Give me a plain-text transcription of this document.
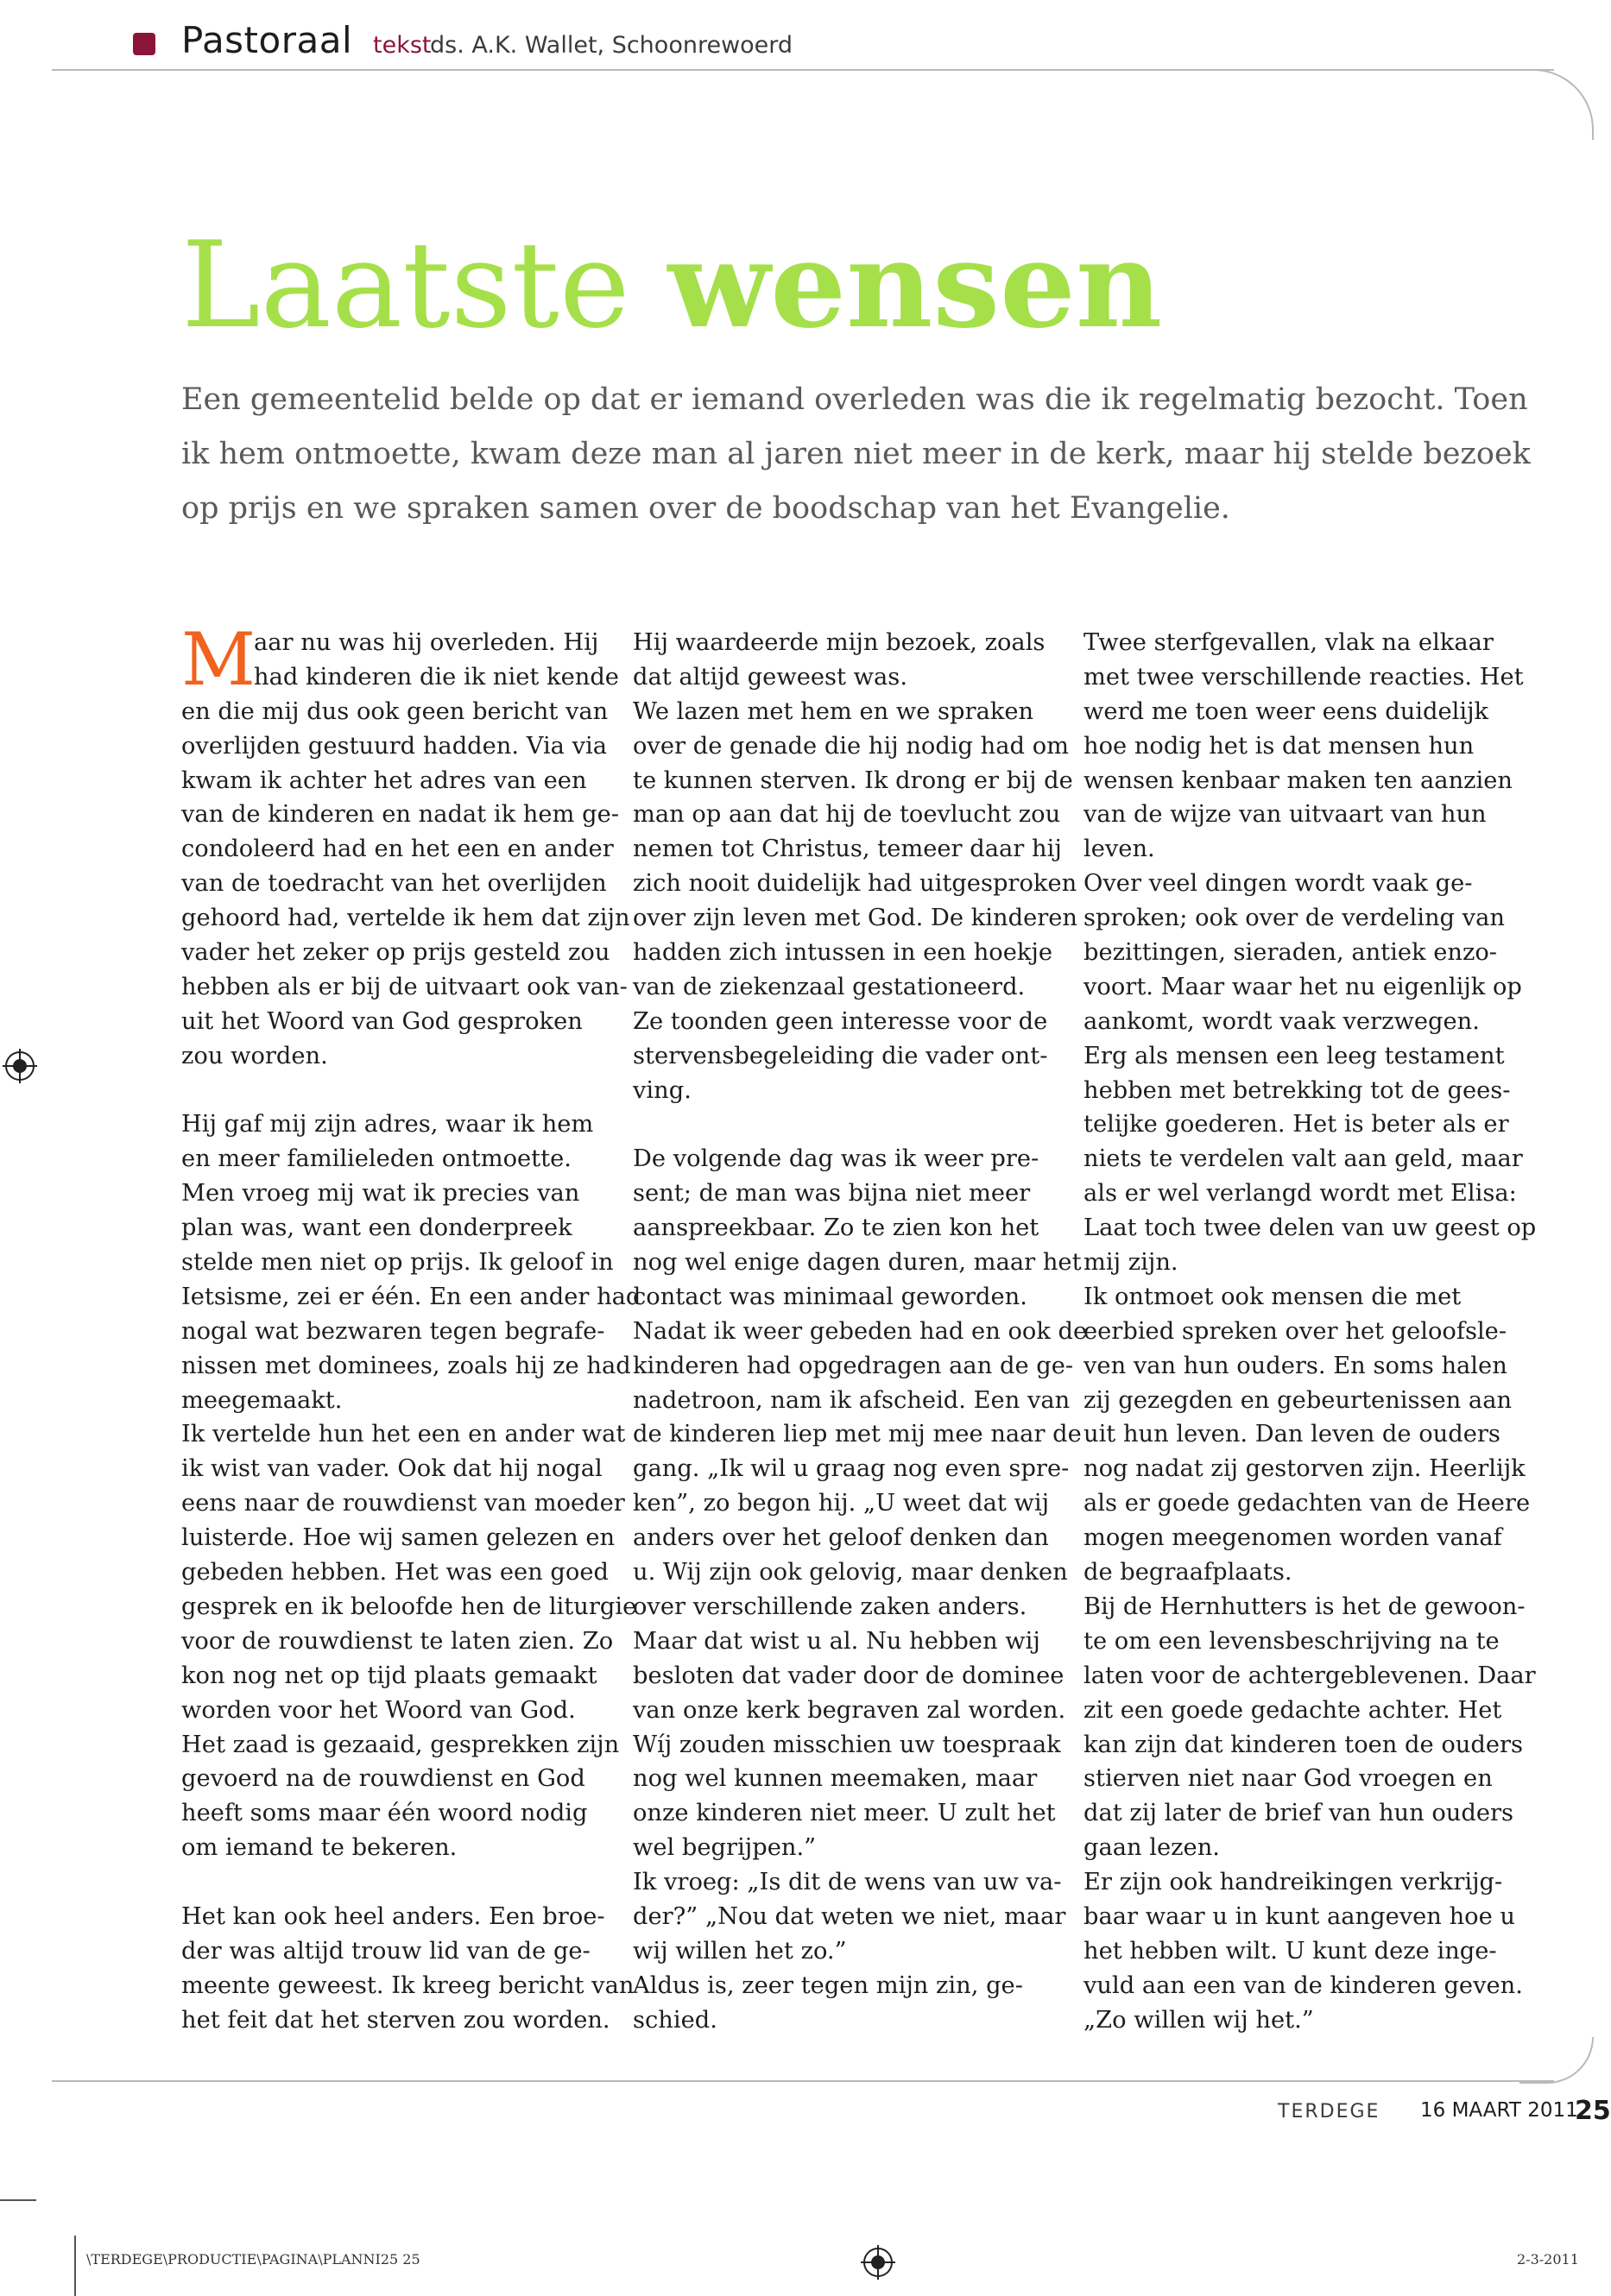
Pastoraal tekst
ds. A.K. Wallet, Schoonrewoerd
Laatste wensen
Een gemeentelid belde op dat er iemand overleden was die ik regelmatig bezocht. Toen
ik hem ontmoette, kwam deze man al jaren niet meer in de kerk, maar hij stelde bezoek
op prijs en we spraken samen over de boodschap van het Evangelie.
M
aar nu was hij overleden. Hij
had kinderen die ik niet kende
en die mij dus ook geen bericht van
overlijden gestuurd hadden. Via via
kwam ik achter het adres van een
van de kinderen en nadat ik hem ge-
condoleerd had en het een en ander
van de toedracht van het overlijden
gehoord had, vertelde ik hem dat zijn
vader het zeker op prijs gesteld zou
hebben als er bij de uitvaart ook van-
uit het Woord van God gesproken
zou worden.
Hij gaf mij zijn adres, waar ik hem
en meer familieleden ontmoette.
Men vroeg mij wat ik precies van
plan was, want een donderpreek
stelde men niet op prijs. Ik geloof in
Ietsisme, zei er één. En een ander had
nogal wat bezwaren tegen begrafe-
nissen met dominees, zoals hij ze had
meegemaakt.
Ik vertelde hun het een en ander wat
ik wist van vader. Ook dat hij nogal
eens naar de rouwdienst van moeder
luisterde. Hoe wij samen gelezen en
gebeden hebben. Het was een goed
gesprek en ik beloofde hen de liturgie
voor de rouwdienst te laten zien. Zo
kon nog net op tijd plaats gemaakt
worden voor het Woord van God.
Het zaad is gezaaid, gesprekken zijn
gevoerd na de rouwdienst en God
heeft soms maar één woord nodig
om iemand te bekeren.
Het kan ook heel anders. Een broe-
der was altijd trouw lid van de ge-
meente geweest. Ik kreeg bericht van
het feit dat het sterven zou worden.
Hij waardeerde mijn bezoek, zoals
dat altijd geweest was.
We lazen met hem en we spraken
over de genade die hij nodig had om
te kunnen sterven. Ik drong er bij de
man op aan dat hij de toevlucht zou
nemen tot Christus, temeer daar hij
zich nooit duidelijk had uitgesproken
over zijn leven met God. De kinderen
hadden zich intussen in een hoekje
van de ziekenzaal gestationeerd.
Ze toonden geen interesse voor de
stervensbegeleiding die vader ont-
ving.
De volgende dag was ik weer pre-
sent; de man was bijna niet meer
aanspreekbaar. Zo te zien kon het
nog wel enige dagen duren, maar het
contact was minimaal geworden.
Nadat ik weer gebeden had en ook de
kinderen had opgedragen aan de ge-
nadetroon, nam ik afscheid. Een van
de kinderen liep met mij mee naar de
gang. „Ik wil u graag nog even spre-
ken”, zo begon hij. „U weet dat wij
anders over het geloof denken dan
u. Wij zijn ook gelovig, maar denken
over verschillende zaken anders.
Maar dat wist u al. Nu hebben wij
besloten dat vader door de dominee
van onze kerk begraven zal worden.
Wíj zouden misschien uw toespraak
nog wel kunnen meemaken, maar
onze kinderen niet meer. U zult het
wel begrijpen.”
Ik vroeg: „Is dit de wens van uw va-
der?” „Nou dat weten we niet, maar
wij willen het zo.”
Aldus is, zeer tegen mijn zin, ge-
schied.
Twee sterfgevallen, vlak na elkaar
met twee verschillende reacties. Het
werd me toen weer eens duidelijk
hoe nodig het is dat mensen hun
wensen kenbaar maken ten aanzien
van de wijze van uitvaart van hun
leven.
Over veel dingen wordt vaak ge-
sproken; ook over de verdeling van
bezittingen, sieraden, antiek enzo-
voort. Maar waar het nu eigenlijk op
aankomt, wordt vaak verzwegen.
Erg als mensen een leeg testament
hebben met betrekking tot de gees-
telijke goederen. Het is beter als er
niets te verdelen valt aan geld, maar
als er wel verlangd wordt met Elisa:
Laat toch twee delen van uw geest op
mij zijn.
Ik ontmoet ook mensen die met
eerbied spreken over het geloofsle-
ven van hun ouders. En soms halen
zij gezegden en gebeurtenissen aan
uit hun leven. Dan leven de ouders
nog nadat zij gestorven zijn. Heerlijk
als er goede gedachten van de Heere
mogen meegenomen worden vanaf
de begraafplaats.
Bij de Hernhutters is het de gewoon-
te om een levensbeschrijving na te
laten voor de achtergeblevenen. Daar
zit een goede gedachte achter. Het
kan zijn dat kinderen toen de ouders
stierven niet naar God vroegen en
dat zij later de brief van hun ouders
gaan lezen.
Er zijn ook handreikingen verkrijg-
baar waar u in kunt aangeven hoe u
het hebben wilt. U kunt deze inge-
vuld aan een van de kinderen geven.
„Zo willen wij het.”
TERDEGE 16 MAART 2011
25
\TERDEGE\PRODUCTIE\PAGINA\PLANNI25 25	2-3-2011
